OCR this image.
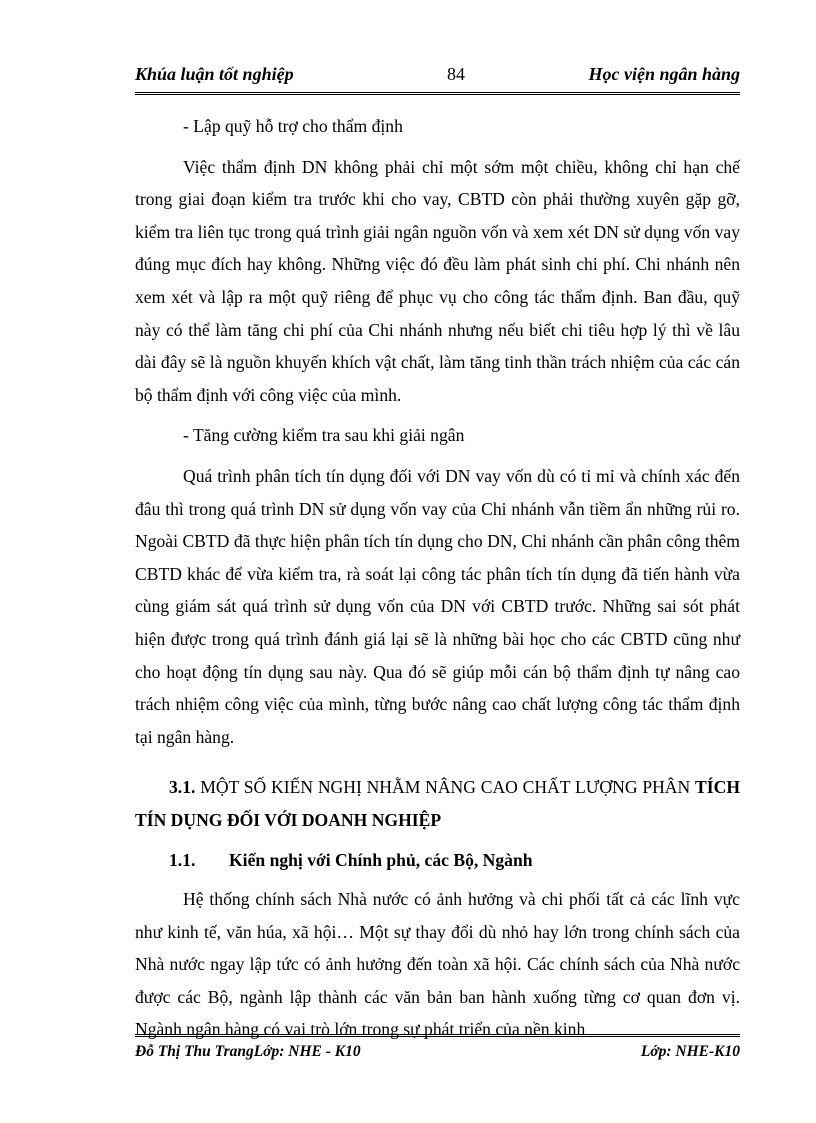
Khúa luận tốt nghiệp	84	Học viện ngân hàng

- Lập quỹ hỗ trợ cho thẩm định

Việc thẩm định DN không phải chỉ một sớm một chiều, không chỉ hạn chế trong giai đoạn kiểm tra trước khi cho vay, CBTD còn phải thường xuyên gặp gỡ, kiểm tra liên tục trong quá trình giải ngân nguồn vốn và xem xét DN sử dụng vốn vay đúng mục đích hay không. Những việc đó đều làm phát sinh chi phí. Chi nhánh nên xem xét và lập ra một quỹ riêng để phục vụ cho công tác thẩm định. Ban đầu, quỹ này có thể làm tăng chi phí của Chi nhánh nhưng nếu biết chi tiêu hợp lý thì về lâu dài đây sẽ là nguồn khuyến khích vật chất, làm tăng tinh thần trách nhiệm của các cán bộ thẩm định với công việc của mình.

- Tăng cường kiểm tra sau khi giải ngân

Quá trình phân tích tín dụng đối với DN vay vốn dù có tỉ mỉ và chính xác đến đâu thì trong quá trình DN sử dụng vốn vay của Chi nhánh vẫn tiềm ẩn những rủi ro. Ngoài CBTD đã thực hiện phân tích tín dụng cho DN, Chi nhánh cần phân công thêm CBTD khác để vừa kiểm tra, rà soát lại công tác phân tích tín dụng đã tiến hành vừa cùng giám sát quá trình sử dụng vốn của DN với CBTD trước. Những sai sót phát hiện được trong quá trình đánh giá lại sẽ là những bài học cho các CBTD cũng như cho hoạt động tín dụng sau này. Qua đó sẽ giúp mỗi cán bộ thẩm định tự nâng cao trách nhiệm công việc của mình, từng bước nâng cao chất lượng công tác thẩm định tại ngân hàng.

3.1. MỘT SỐ KIẾN NGHỊ NHẰM NÂNG CAO CHẤT LƯỢNG PHÂN TÍCH TÍN DỤNG ĐỐI VỚI DOANH NGHIỆP

1.1. Kiến nghị với Chính phủ, các Bộ, Ngành

Hệ thống chính sách Nhà nước có ảnh hưởng và chi phối tất cả các lĩnh vực như kinh tế, văn húa, xã hội… Một sự thay đổi dù nhỏ hay lớn trong chính sách của Nhà nước ngay lập tức có ảnh hưởng đến toàn xã hội. Các chính sách của Nhà nước được các Bộ, ngành lập thành các văn bản ban hành xuống từng cơ quan đơn vị. Ngành ngân hàng có vai trò lớn trong sự phát triển của nền kinh

Đỗ Thị Thu TrangLớp: NHE - K10	Lớp: NHE-K10
